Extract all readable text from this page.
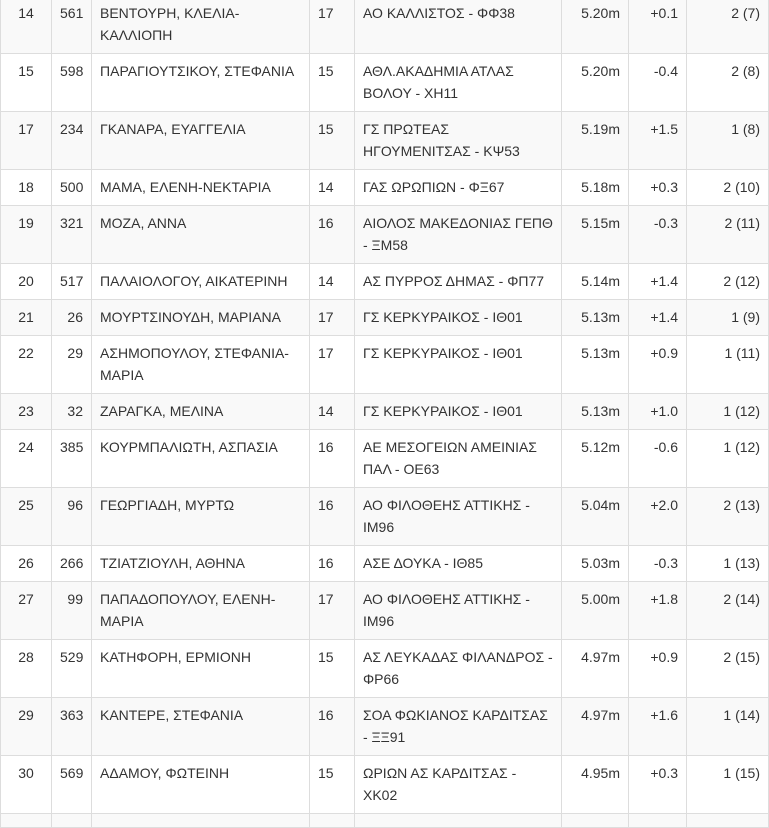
14	561	ΒΕΝΤΟΥΡΗ, ΚΛΕΛΙΑ-ΚΑΛΛΙΟΠΗ	17	ΑΟ ΚΑΛΛΙΣΤΟΣ - ΦΦ38	5.20m	+0.1	2 (7)
15	598	ΠΑΡΑΓΙΟΥΤΣΙΚΟΥ, ΣΤΕΦΑΝΙΑ	15	ΑΘΛ.ΑΚΑΔΗΜΙΑ ΑΤΛΑΣ ΒΟΛΟΥ - ΧΗ11	5.20m	-0.4	2 (8)
17	234	ΓΚΑΝΑΡΑ, ΕΥΑΓΓΕΛΙΑ	15	ΓΣ ΠΡΩΤΕΑΣ ΗΓΟΥΜΕΝΙΤΣΑΣ - ΚΨ53	5.19m	+1.5	1 (8)
18	500	ΜΑΜΑ, ΕΛΕΝΗ-ΝΕΚΤΑΡΙΑ	14	ΓΑΣ ΩΡΩΠΙΩΝ - ΦΞ67	5.18m	+0.3	2 (10)
19	321	ΜΟΖΑ, ΑΝΝΑ	16	ΑΙΟΛΟΣ ΜΑΚΕΔΟΝΙΑΣ ΓΕΠΘ - ΞΜ58	5.15m	-0.3	2 (11)
20	517	ΠΑΛΑΙΟΛΟΓΟΥ, ΑΙΚΑΤΕΡΙΝΗ	14	ΑΣ ΠΥΡΡΟΣ ΔΗΜΑΣ - ΦΠ77	5.14m	+1.4	2 (12)
21	26	ΜΟΥΡΤΣΙΝΟΥΔΗ, ΜΑΡΙΑΝΑ	17	ΓΣ ΚΕΡΚΥΡΑΙΚΟΣ - ΙΘ01	5.13m	+1.4	1 (9)
22	29	ΑΣΗΜΟΠΟΥΛΟΥ, ΣΤΕΦΑΝΙΑ-ΜΑΡΙΑ	17	ΓΣ ΚΕΡΚΥΡΑΙΚΟΣ - ΙΘ01	5.13m	+0.9	1 (11)
23	32	ΖΑΡΑΓΚΑ, ΜΕΛΙΝΑ	14	ΓΣ ΚΕΡΚΥΡΑΙΚΟΣ - ΙΘ01	5.13m	+1.0	1 (12)
24	385	ΚΟΥΡΜΠΑΛΙΩΤΗ, ΑΣΠΑΣΙΑ	16	ΑΕ ΜΕΣΟΓΕΙΩΝ ΑΜΕΙΝΙΑΣ ΠΑΛ - ΟΕ63	5.12m	-0.6	1 (12)
25	96	ΓΕΩΡΓΙΑΔΗ, ΜΥΡΤΩ	16	ΑΟ ΦΙΛΟΘΕΗΣ ΑΤΤΙΚΗΣ - ΙΜ96	5.04m	+2.0	2 (13)
26	266	ΤΖΙΑΤΖΙΟΥΛΗ, ΑΘΗΝΑ	16	ΑΣΕ ΔΟΥΚΑ - ΙΘ85	5.03m	-0.3	1 (13)
27	99	ΠΑΠΑΔΟΠΟΥΛΟΥ, ΕΛΕΝΗ-ΜΑΡΙΑ	17	ΑΟ ΦΙΛΟΘΕΗΣ ΑΤΤΙΚΗΣ - ΙΜ96	5.00m	+1.8	2 (14)
28	529	ΚΑΤΗΦΟΡΗ, ΕΡΜΙΟΝΗ	15	ΑΣ ΛΕΥΚΑΔΑΣ ΦΙΛΑΝΔΡΟΣ - ΦΡ66	4.97m	+0.9	2 (15)
29	363	ΚΑΝΤΕΡΕ, ΣΤΕΦΑΝΙΑ	16	ΣΟΑ ΦΩΚΙΑΝΟΣ ΚΑΡΔΙΤΣΑΣ - ΞΞ91	4.97m	+1.6	1 (14)
30	569	ΑΔΑΜΟΥ, ΦΩΤΕΙΝΗ	15	ΩΡΙΩΝ ΑΣ ΚΑΡΔΙΤΣΑΣ - ΧΚ02	4.95m	+0.3	1 (15)
